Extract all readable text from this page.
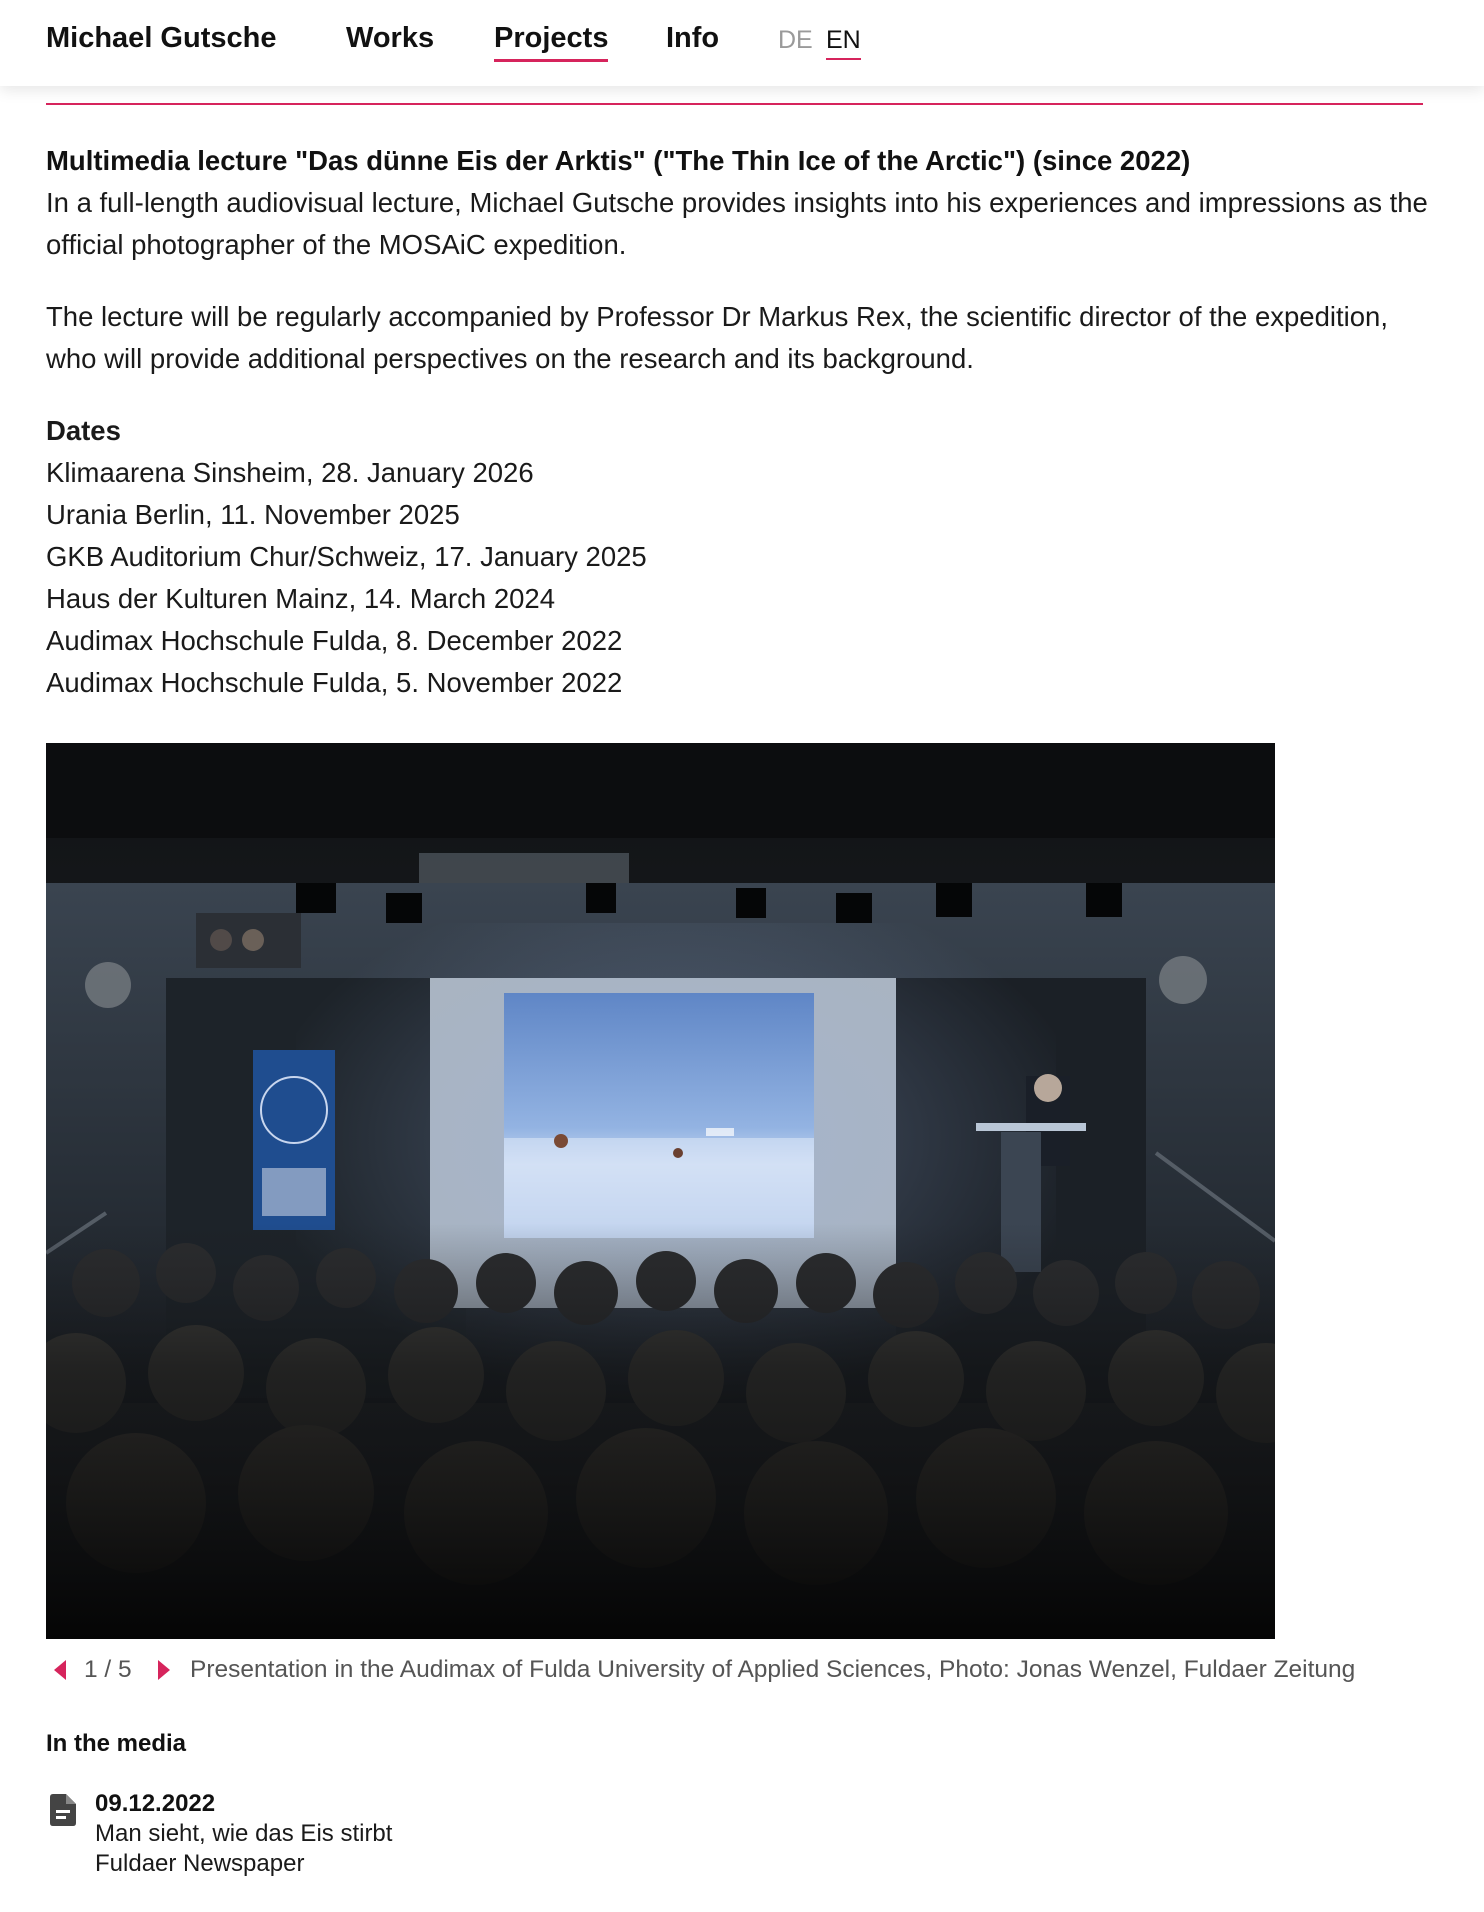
Michael Gutsche Works Projects Info DE EN
Multimedia lecture "Das dünne Eis der Arktis" ("The Thin Ice of the Arctic") (since 2022)

In a full-length audiovisual lecture, Michael Gutsche provides insights into his experiences and impressions as the official photographer of the MOSAiC expedition.

The lecture will be regularly accompanied by Professor Dr Markus Rex, the scientific director of the expedition, who will provide additional perspectives on the research and its background.

Dates
Klimaarena Sinsheim, 28. January 2026
Urania Berlin, 11. November 2025
GKB Auditorium Chur/Schweiz, 17. January 2025
Haus der Kulturen Mainz, 14. March 2024
Audimax Hochschule Fulda, 8. December 2022
Audimax Hochschule Fulda, 5. November 2022
1 / 5 Presentation in the Audimax of Fulda University of Applied Sciences, Photo: Jonas Wenzel, Fuldaer Zeitung
In the media
09.12.2022
Man sieht, wie das Eis stirbt
Fuldaer Newspaper
